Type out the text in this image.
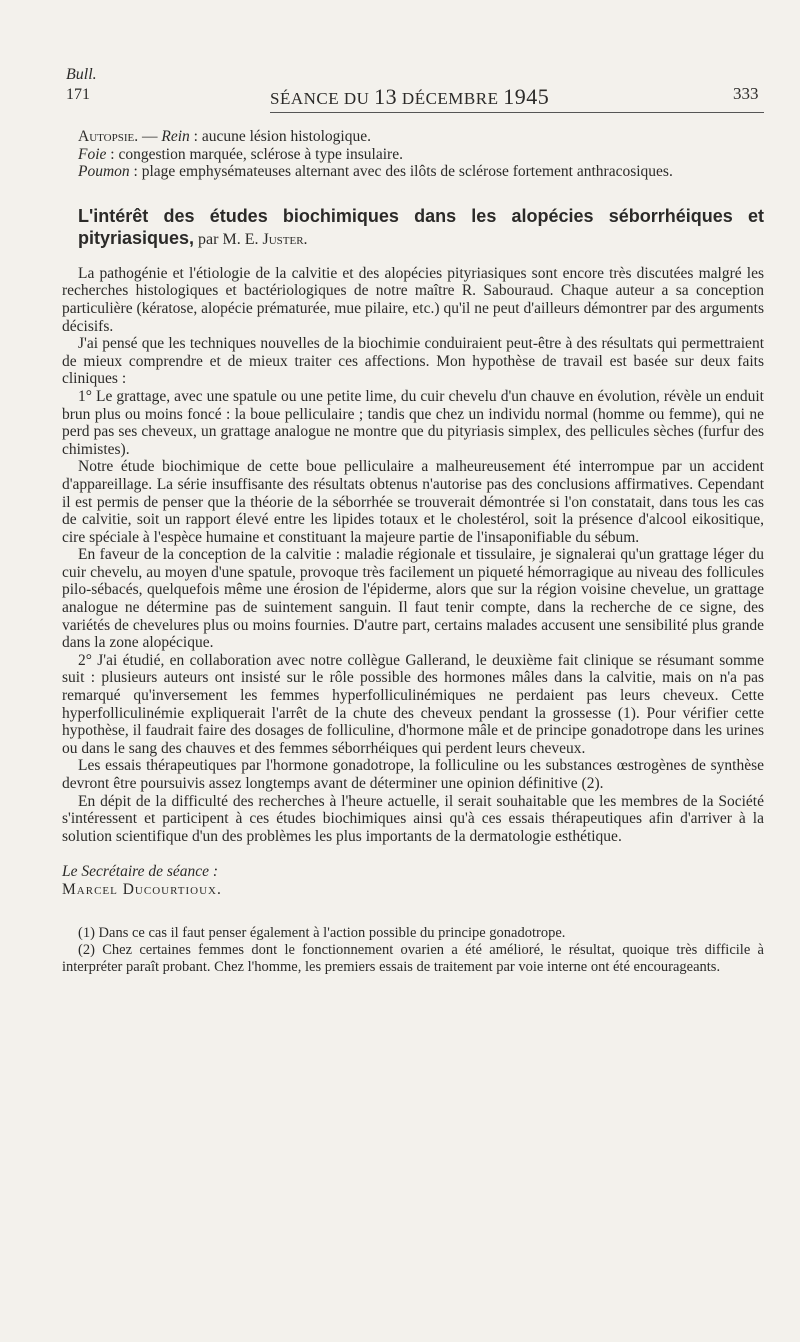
Bull.
171	SÉANCE DU 13 DÉCEMBRE 1945	333

Autopsie. — Rein : aucune lésion histologique.

Foie : congestion marquée, sclérose à type insulaire.

Poumon : plage emphysémateuses alternant avec des ilôts de sclérose fortement anthracosiques.

L'intérêt des études biochimiques dans les alopécies séborrhéiques et pityriasiques, par M. E. Juster.

La pathogénie et l'étiologie de la calvitie et des alopécies pityriasiques sont encore très discutées malgré les recherches histologiques et bactériologiques de notre maître R. Sabouraud. Chaque auteur a sa conception particulière (kératose, alopécie prématurée, mue pilaire, etc.) qu'il ne peut d'ailleurs démontrer par des arguments décisifs.

J'ai pensé que les techniques nouvelles de la biochimie conduiraient peut-être à des résultats qui permettraient de mieux comprendre et de mieux traiter ces affections. Mon hypothèse de travail est basée sur deux faits cliniques :

1° Le grattage, avec une spatule ou une petite lime, du cuir chevelu d'un chauve en évolution, révèle un enduit brun plus ou moins foncé : la boue pelliculaire ; tandis que chez un individu normal (homme ou femme), qui ne perd pas ses cheveux, un grattage analogue ne montre que du pityriasis simplex, des pellicules sèches (furfur des chimistes).

Notre étude biochimique de cette boue pelliculaire a malheureusement été interrompue par un accident d'appareillage. La série insuffisante des résultats obtenus n'autorise pas des conclusions affirmatives. Cependant il est permis de penser que la théorie de la séborrhée se trouverait démontrée si l'on constatait, dans tous les cas de calvitie, soit un rapport élevé entre les lipides totaux et le cholestérol, soit la présence d'alcool eikositique, cire spéciale à l'espèce humaine et constituant la majeure partie de l'insaponifiable du sébum.

En faveur de la conception de la calvitie : maladie régionale et tissulaire, je signalerai qu'un grattage léger du cuir chevelu, au moyen d'une spatule, provoque très facilement un piqueté hémorragique au niveau des follicules pilo-sébacés, quelquefois même une érosion de l'épiderme, alors que sur la région voisine chevelue, un grattage analogue ne détermine pas de suintement sanguin. Il faut tenir compte, dans la recherche de ce signe, des variétés de chevelures plus ou moins fournies. D'autre part, certains malades accusent une sensibilité plus grande dans la zone alopécique.

2° J'ai étudié, en collaboration avec notre collègue Gallerand, le deuxième fait clinique se résumant somme suit : plusieurs auteurs ont insisté sur le rôle possible des hormones mâles dans la calvitie, mais on n'a pas remarqué qu'inversement les femmes hyperfolliculinémiques ne perdaient pas leurs cheveux. Cette hyperfolliculinémie expliquerait l'arrêt de la chute des cheveux pendant la grossesse (1). Pour vérifier cette hypothèse, il faudrait faire des dosages de folliculine, d'hormone mâle et de principe gonadotrope dans les urines ou dans le sang des chauves et des femmes séborrhéiques qui perdent leurs cheveux.

Les essais thérapeutiques par l'hormone gonadotrope, la folliculine ou les substances œstrogènes de synthèse devront être poursuivis assez longtemps avant de déterminer une opinion définitive (2).

En dépit de la difficulté des recherches à l'heure actuelle, il serait souhaitable que les membres de la Société s'intéressent et participent à ces études biochimiques ainsi qu'à ces essais thérapeutiques afin d'arriver à la solution scientifique d'un des problèmes les plus importants de la dermatologie esthétique.

Le Secrétaire de séance :
Marcel Ducourtioux.

(1) Dans ce cas il faut penser également à l'action possible du principe gonadotrope.

(2) Chez certaines femmes dont le fonctionnement ovarien a été amélioré, le résultat, quoique très difficile à interpréter paraît probant. Chez l'homme, les premiers essais de traitement par voie interne ont été encourageants.
